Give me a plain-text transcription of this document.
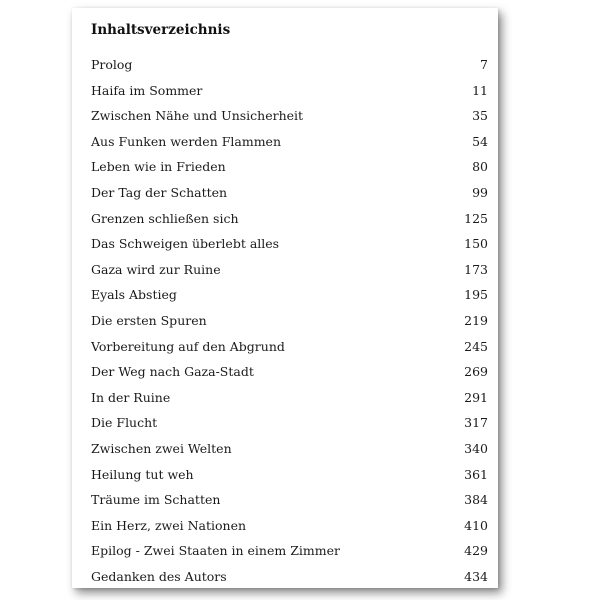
Inhaltsverzeichnis
Prolog	7
Haifa im Sommer	11
Zwischen Nähe und Unsicherheit	35
Aus Funken werden Flammen	54
Leben wie in Frieden	80
Der Tag der Schatten	99
Grenzen schließen sich	125
Das Schweigen überlebt alles	150
Gaza wird zur Ruine	173
Eyals Abstieg	195
Die ersten Spuren	219
Vorbereitung auf den Abgrund	245
Der Weg nach Gaza-Stadt	269
In der Ruine	291
Die Flucht	317
Zwischen zwei Welten	340
Heilung tut weh	361
Träume im Schatten	384
Ein Herz, zwei Nationen	410
Epilog - Zwei Staaten in einem Zimmer	429
Gedanken des Autors	434
